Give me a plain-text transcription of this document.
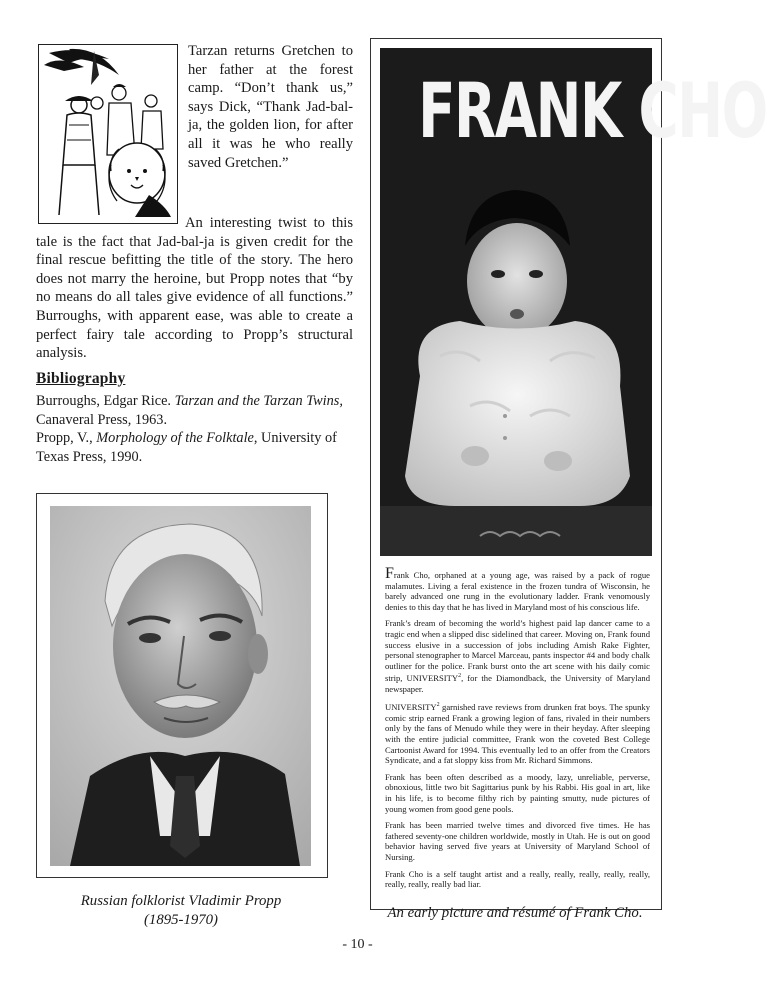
Tarzan returns Gretchen to her father at the forest camp. “Don’t thank us,” says Dick, “Thank Jad-bal-ja, the golden lion, for after all it was he who really saved Gretchen.”

An interesting twist to this tale is the fact that Jad-bal-ja is given credit for the final rescue befitting the title of the story. The hero does not marry the heroine, but Propp notes that “by no means do all tales give evidence of all functions.” Burroughs, with apparent ease, was able to create a perfect fairy tale according to Propp’s structural analysis.

Bibliography

Burroughs, Edgar Rice. Tarzan and the Tarzan Twins, Canaveral Press, 1963.

Propp, V., Morphology of the Folktale, University of Texas Press, 1990.

Russian folklorist Vladimir Propp
(1895-1970)
FRANK CHO

Frank Cho, orphaned at a young age, was raised by a pack of rogue malamutes. Living a feral existence in the frozen tundra of Wisconsin, he barely advanced one rung in the evolutionary ladder. Frank venomously denies to this day that he has lived in Maryland most of his conscious life.

Frank’s dream of becoming the world’s highest paid lap dancer came to a tragic end when a slipped disc sidelined that career. Moving on, Frank found success elusive in a succession of jobs including Amish Rake Fighter, personal stenographer to Marcel Marceau, pants inspector #4 and body chalk outliner for the police. Frank burst onto the art scene with his daily comic strip, UNIVERSITY$^2$, for the Diamondback, the University of Maryland newspaper.

UNIVERSITY$^2$ garnished rave reviews from drunken frat boys. The spunky comic strip earned Frank a growing legion of fans, rivaled in their numbers only by the fans of Menudo while they were in their heyday. After sleeping with the entire judicial committee, Frank won the coveted Best College Cartoonist Award for 1994. This eventually led to an offer from the Creators Syndicate, and a fat sloppy kiss from Mr. Richard Simmons.

Frank has been often described as a moody, lazy, unreliable, perverse, obnoxious, little two bit Sagittarius punk by his Rabbi. His goal in art, like in his life, is to become filthy rich by painting smutty, nude pictures of young women from good gene pools.

Frank has been married twelve times and divorced five times. He has fathered seventy-one children worldwide, mostly in Utah. He is out on good behavior having served five years at University of Maryland School of Nursing.

Frank Cho is a self taught artist and a really, really, really, really, really, really, really, really bad liar.

An early picture and résumé of Frank Cho.
- 10 -
